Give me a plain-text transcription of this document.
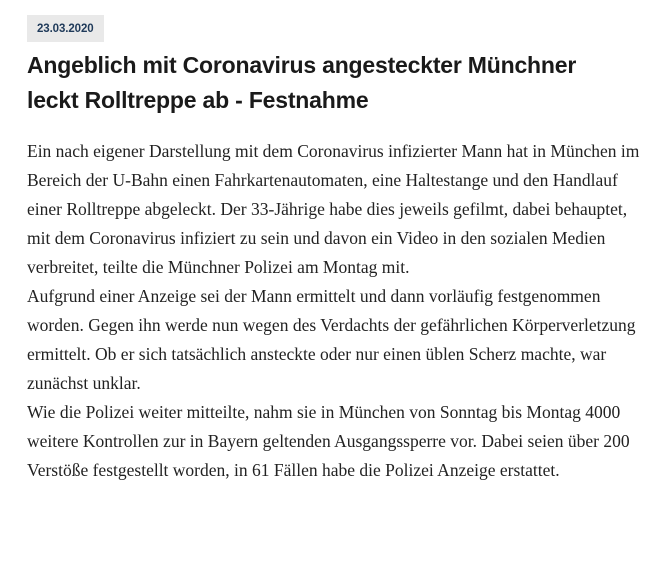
23.03.2020
Angeblich mit Coronavirus angesteckter Münchner
leckt Rolltreppe ab - Festnahme

Ein nach eigener Darstellung mit dem Coronavirus infizierter Mann hat in München im Bereich der U-Bahn einen Fahrkartenautomaten, eine Haltestange und den Handlauf einer Rolltreppe abgeleckt. Der 33-Jährige habe dies jeweils gefilmt, dabei behauptet, mit dem Coronavirus infiziert zu sein und davon ein Video in den sozialen Medien verbreitet, teilte die Münchner Polizei am Montag mit.

Aufgrund einer Anzeige sei der Mann ermittelt und dann vorläufig festgenommen worden. Gegen ihn werde nun wegen des Verdachts der gefährlichen Körperverletzung ermittelt. Ob er sich tatsächlich ansteckte oder nur einen üblen Scherz machte, war zunächst unklar.

Wie die Polizei weiter mitteilte, nahm sie in München von Sonntag bis Montag 4000 weitere Kontrollen zur in Bayern geltenden Ausgangssperre vor. Dabei seien über 200 Verstöße festgestellt worden, in 61 Fällen habe die Polizei Anzeige erstattet.
